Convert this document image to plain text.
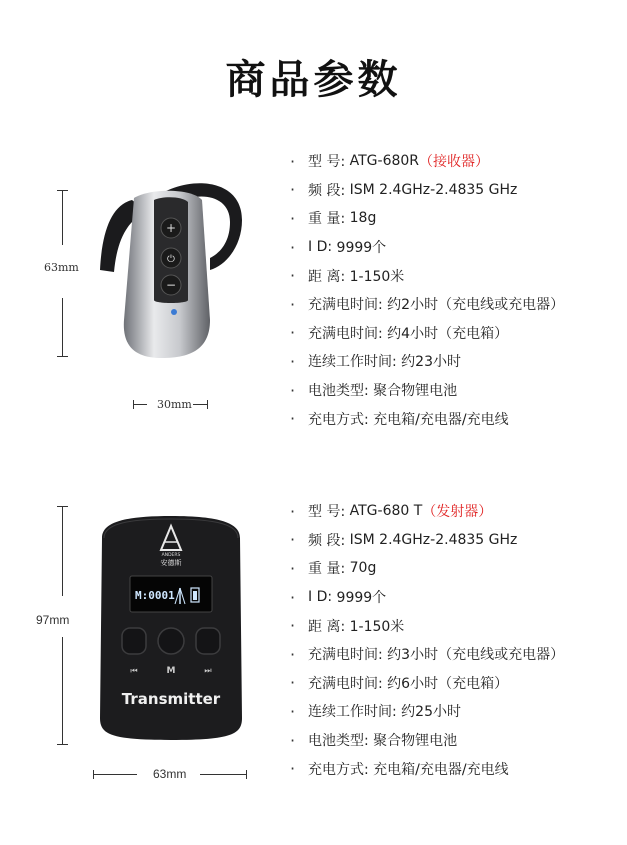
商品参数
63mm
+
⏻
−
30mm
· 型 号:
ATG-680R （接收器）
· 频 段:
ISM 2.4GHz-2.4835 GHz
· 重 量:
18g
· I D:
9999个
· 距 离:
1-150米
· 充满电时间:
约2小时（充电线或充电器）
· 充满电时间:
约4小时（充电箱）
· 连续工作时间:
约23小时
· 电池类型:
聚合物锂电池
· 充电方式:
充电箱/充电器/充电线
97mm
ANDERS
安德斯
M:0001
⏮	M	⏭
Transmitter
63mm
· 型 号:
ATG-680 T （发射器）
· 频 段:
ISM 2.4GHz-2.4835 GHz
· 重 量:
70g
· I D:
9999个
· 距 离:
1-150米
· 充满电时间:
约3小时（充电线或充电器）
· 充满电时间:
约6小时（充电箱）
· 连续工作时间:
约25小时
· 电池类型:
聚合物锂电池
· 充电方式:
充电箱/充电器/充电线
